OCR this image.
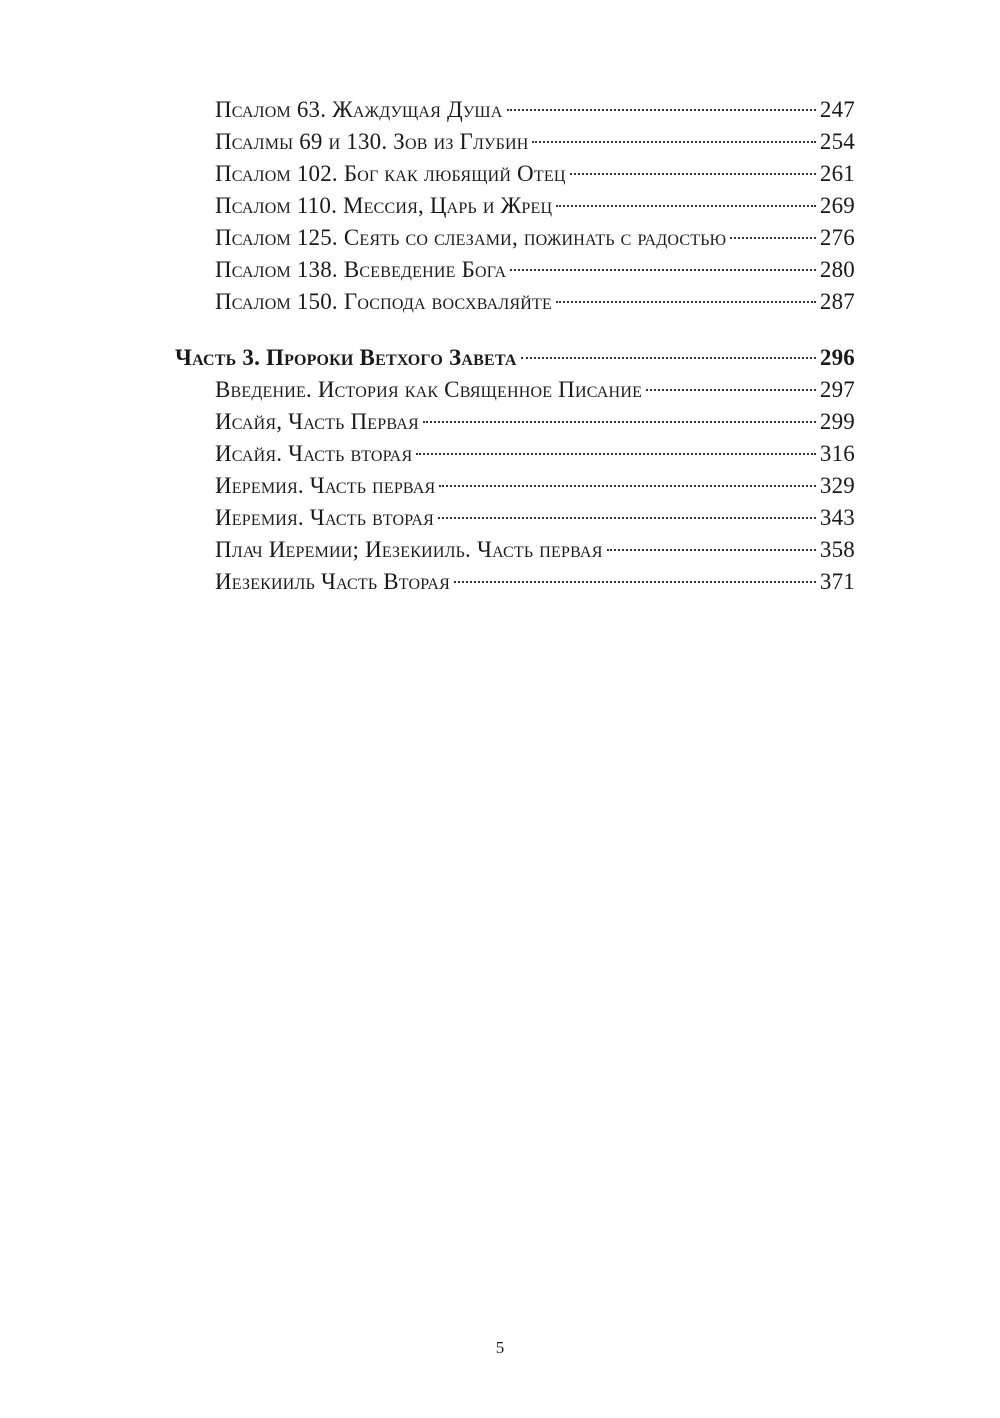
Псалом 63. Жаждущая Душа	247
Псалмы 69 и 130. Зов из Глубин	254
Псалом 102. Бог как любящий Отец	261
Псалом 110. Мессия, Царь и Жрец	269
Псалом 125. Сеять со слезами, пожинать с радостью	276
Псалом 138. Всеведение Бога	280
Псалом 150. Господа восхваляйте	287
Часть 3. Пророки Ветхого Завета	296
Введение. История как Священное Писание	297
Исайя, Часть Первая	299
Исайя. Часть вторая	316
Иеремия. Часть первая	329
Иеремия. Часть вторая	343
Плач Иеремии; Иезекииль. Часть первая	358
Иезекииль Часть Вторая	371
5
